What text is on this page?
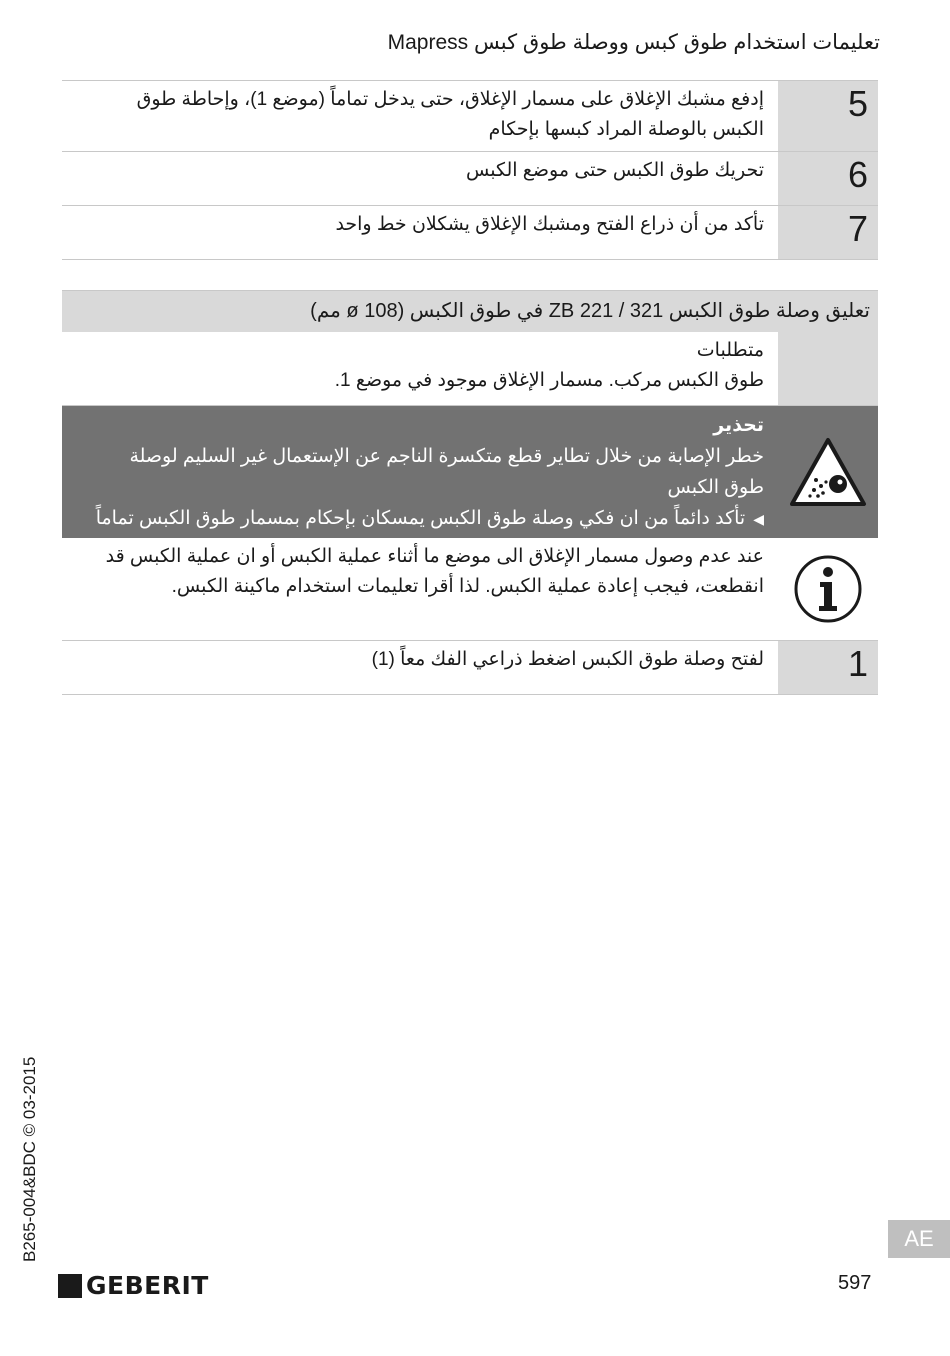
تعليمات استخدام طوق كبس ووصلة طوق كبس Mapress
5
إدفع مشبك الإغلاق على مسمار الإغلاق، حتى يدخل تماماً (موضع 1)، وإحاطة طوق
الكبس بالوصلة المراد كبسها بإحكام
6
تحريك طوق الكبس حتى موضع الكبس
7
تأكد من أن ذراع الفتح ومشبك الإغلاق يشكلان خط واحد
تعليق وصلة طوق الكبس ZB 221 / 321 في طوق الكبس (ø 108 مم)
متطلبات
طوق الكبس مركب. مسمار الإغلاق موجود في موضع 1.
تحذير
خطر الإصابة من خلال تطاير قطع متكسرة الناجم عن الإستعمال غير السليم لوصلة
طوق الكبس
◀تأكد دائماً من ان فكي وصلة طوق الكبس يمسكان بإحكام بمسمار طوق الكبس تماماً
عند عدم وصول مسمار الإغلاق الى موضع ما أثناء عملية الكبس أو ان عملية الكبس قد
انقطعت، فيجب إعادة عملية الكبس. لذا أقرا تعليمات استخدام ماكينة الكبس.
1
لفتح وصلة طوق الكبس اضغط ذراعي الفك معاً (1)
B265-004&BDC © 03-2015
GEBERIT	597
AE
